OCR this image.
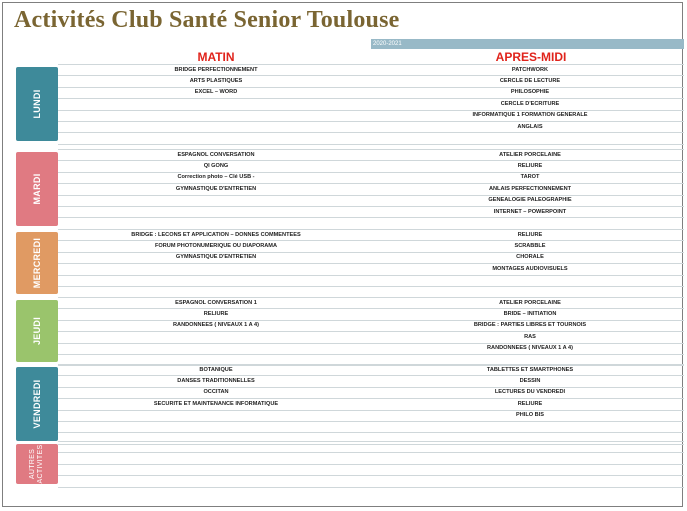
Activités Club Santé Senior Toulouse
2020-2021
MATIN	APRES-MIDI
LUNDI
BRIDGE PERFECTIONNEMENT
ARTS PLASTIQUES
EXCEL – WORD
PATCHWORK
CERCLE DE LECTURE
PHILOSOPHIE
CERCLE D'ECRITURE
INFORMATIQUE 1 FORMATION GENERALE
ANGLAIS
MARDI
ESPAGNOL CONVERSATION
QI GONG
Correction photo – Clé USB -
GYMNASTIQUE D'ENTRETIEN
ATELIER PORCELAINE
RELIURE
TAROT
ANLAIS PERFECTIONNEMENT
GENEALOGIE PALEOGRAPHIE
INTERNET – POWERPOINT
MERCREDI
BRIDGE : LECONS ET APPLICATION – DONNES COMMENTEES
FORUM PHOTONUMERIQUE OU DIAPORAMA
GYMNASTIQUE D'ENTRETIEN
RELIURE
SCRABBLE
CHORALE
MONTAGES AUDIOVISUELS
JEUDI
ESPAGNOL CONVERSATION 1
RELIURE
RANDONNEES ( NIVEAUX 1 A 4)
ATELIER PORCELAINE
BRIDE – INITIATION
BRIDGE : PARTIES LIBRES ET TOURNOIS
RAS
RANDONNEES ( NIVEAUX 1 A 4)
VENDREDI
BOTANIQUE
DANSES TRADITIONNELLES
OCCITAN
SECURITE ET MAINTENANCE INFORMATIQUE
TABLETTES ET SMARTPHONES
DESSIN
LECTURES DU VENDREDI
RELIURE
PHILO BIS
AUTRES
ACTIVITES
